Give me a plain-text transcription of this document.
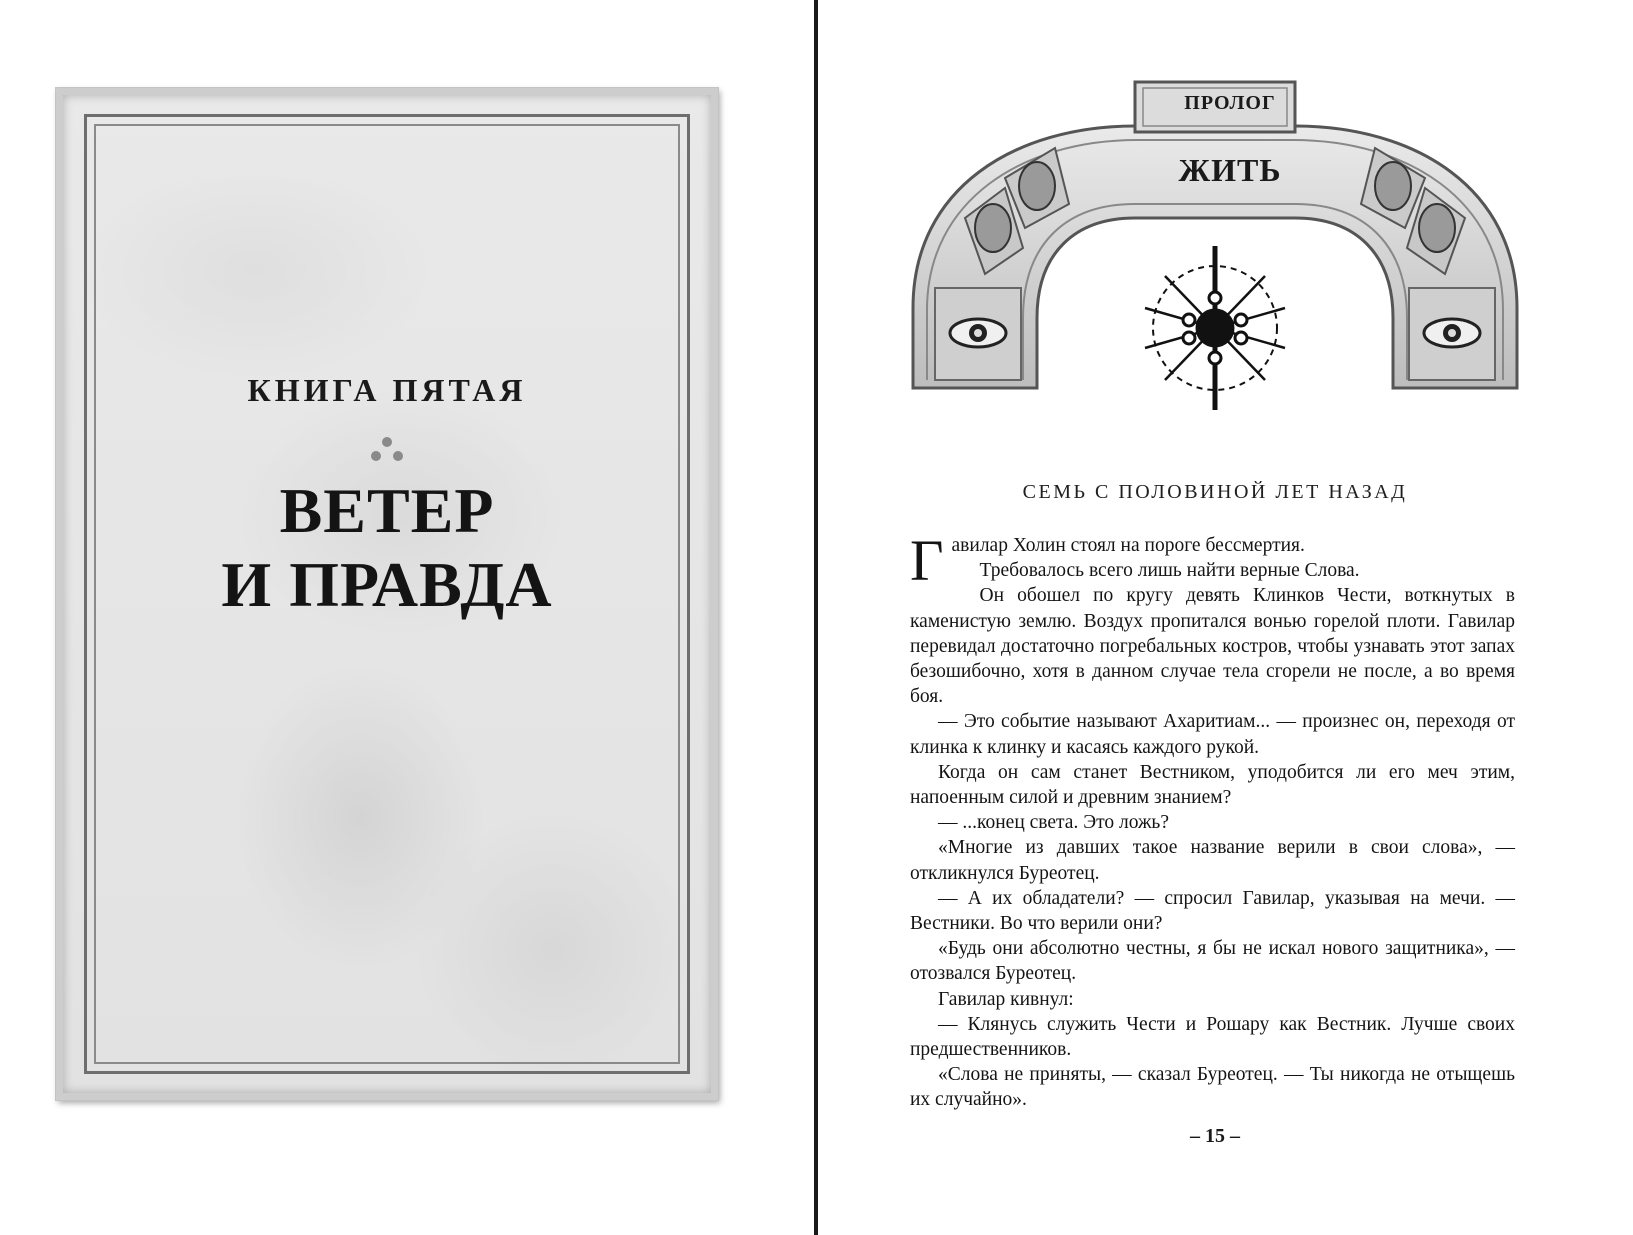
КНИГА ПЯТАЯ
ВЕТЕР
И ПРАВДА
ПРОЛОГ
ЖИТЬ
СЕМЬ С ПОЛОВИНОЙ ЛЕТ НАЗАД

Гавилар Холин стоял на пороге бессмертия.

Требовалось всего лишь найти верные Слова.

Он обошел по кругу девять Клинков Чести, воткнутых в каменистую землю. Воздух пропитался вонью горелой плоти. Гавилар перевидал достаточно погребальных костров, чтобы узнавать этот запах безошибочно, хотя в данном случае тела сгорели не после, а во время боя.

— Это событие называют Ахаритиам... — произнес он, переходя от клинка к клинку и касаясь каждого рукой.

Когда он сам станет Вестником, уподобится ли его меч этим, напоенным силой и древним знанием?

— ...конец света. Это ложь?

«Многие из давших такое название верили в свои слова», — откликнулся Буреотец.

— А их обладатели? — спросил Гавилар, указывая на мечи. — Вестники. Во что верили они?

«Будь они абсолютно честны, я бы не искал нового защитника», — отозвался Буреотец.

Гавилар кивнул:

— Клянусь служить Чести и Рошару как Вестник. Лучше своих предшественников.

«Слова не приняты, — сказал Буреотец. — Ты никогда не отыщешь их случайно».

– 15 –
